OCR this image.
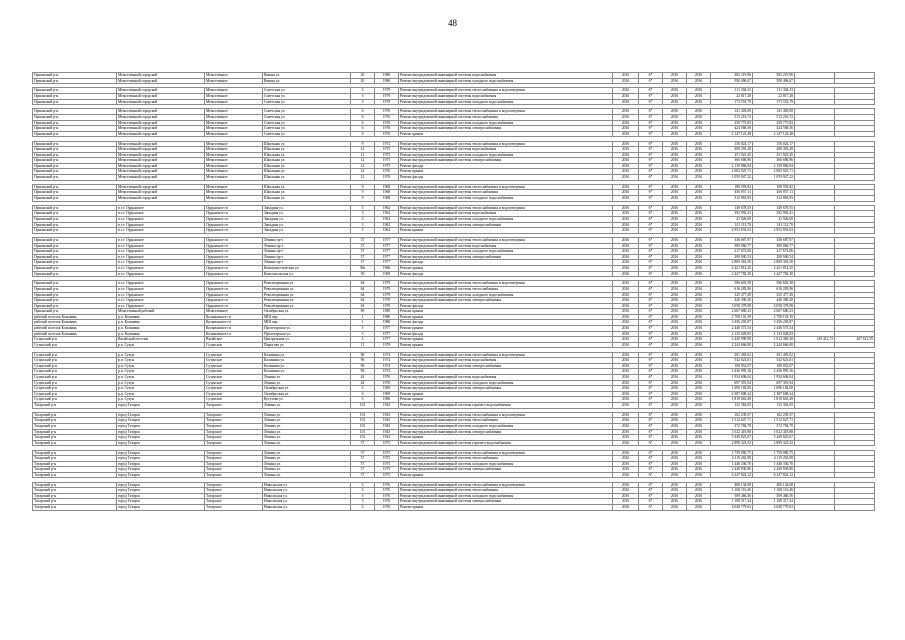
48
Оршанский р-н	Межселенный городской	Межселенное	Вишня ул.	20	1986	Ремонт внутридомовой инженерной системы водоснабжения	2016	6*	2016	2016	382 219,96	382 219,96		
Оршанский р-н	Межселенный городской	Межселенное	Вишня ул.	20	1986	Ремонт внутридомовой инженерной системы холодного водоснабжения	2016	6*	2016	2016	590 496,67	590 496,67		

Оршанский р-н	Межселенный городской	Межселенное	Советская ул.	3	1979	Ремонт внутридомовой инженерной системы теплоснабжения и водоотведения	2016	6*	2016	2016	111 304,33	111 304,33		
Оршанский р-н	Межселенный городской	Межселенное	Советская ул.	3	1979	Ремонт внутридомовой инженерной системы водоснабжения	2016	6*	2016	2016	22 817,28	22 817,28		
Оршанский р-н	Межселенный городской	Межселенное	Советская ул.	3	1979	Ремонт внутридомовой инженерной системы холодного водоснабжения	2016	6*	2016	2016	173 553,79	173 553,79		

Оршанский р-н	Межселенный городской	Межселенное	Советская ул.	6	1976	Ремонт внутридомовой инженерной системы теплоснабжения и водоотведения	2016	6*	2016	2016	141 403,08	141 403,08		
Оршанский р-н	Межселенный городской	Межселенное	Советская ул.	6	1976	Ремонт внутридомовой инженерной системы теплоснабжения	2016	6*	2016	2016	513 216,72	513 216,72		
Оршанский р-н	Межселенный городской	Межселенное	Советская ул.	6	1976	Ремонт внутридомовой инженерной системы холодного водоснабжения	2016	6*	2016	2016	250 775,83	250 775,83		
Оршанский р-н	Межселенный городской	Межселенное	Советская ул.	6	1976	Ремонт внутридомовой инженерной системы электроснабжения	2016	6*	2016	2016	424 568,36	424 568,36		
Оршанский р-н	Межселенный городской	Межселенное	Советская ул.	6	1976	Ремонт крыши	2016	6*	2016	2016	2 147 123,48	2 147 123,48		

Оршанский р-н	Межселенный городской	Межселенное	Школьная ул.	9	1972	Ремонт внутридомовой инженерной системы теплоснабжения и водоотведения	2016	6*	2016	2016	156 024,17	156 024,17		
Оршанский р-н	Межселенный городской	Межселенное	Школьная ул.	12	1975	Ремонт внутридомовой инженерной системы водоснабжения	2016	6*	2016	2016	408 393,28	408 393,28		
Оршанский р-н	Межселенный городской	Межселенное	Школьная ул.	12	1975	Ремонт внутридомовой инженерной системы холодного водоснабжения	2016	6*	2016	2016	251 923,45	251 923,45		
Оршанский р-н	Межселенный городской	Межселенное	Школьная ул.	12	1975	Ремонт внутридомовой инженерной системы электроснабжения	2016	6*	2016	2016	366 686,96	366 686,96		
Оршанский р-н	Межселенный городской	Межселенное	Школьная ул.	12	1975	Ремонт фасада	2016	6*	2016	2016	2 139 866,94	2 139 866,94		
Оршанский р-н	Межселенный городской	Межселенное	Школьная ул.	12	1976	Ремонт крыши	2016	6*	2016	2016	2 002 925,71	2 002 925,71		
Оршанский р-н	Межселенный городской	Межселенное	Школьная ул.	12	1976	Ремонт фасада	2016	6*	2016	2016	1 059 947,22	1 059 947,22		

Оршанский р-н	Межселенный городской	Межселенное	Школьная ул.	9	1968	Ремонт внутридомовой инженерной системы теплоснабжения и водоотведения	2016	6*	2016	2016	180 593,82	180 593,82		
Оршанский р-н	Межселенный городской	Межселенное	Школьная ул.	9	1968	Ремонт внутридомовой инженерной системы теплоснабжения	2016	6*	2016	2016	456 857,11	456 857,11		
Оршанский р-н	Межселенный городской	Межселенное	Школьная ул.	9	1968	Ремонт внутридомовой инженерной системы холодного водоснабжения	2016	6*	2016	2016	312 863,93	312 863,93		

Оршанский р-н	п.г.т. Ордынское	Ордынское гп	Западная ул.	3	1962	Ремонт внутридомовой инженерной системы теплоснабжения и водоотведения	2016	6*	2016	2016	149 678,55	149 678,55		
Оршанский р-н	п.г.т. Ордынское	Ордынское гп	Западная ул.	3	1962	Ремонт внутридомовой инженерной системы водоснабжения	2016	6*	2016	2016	392 992,41	392 992,41		
Оршанский р-н	п.г.т. Ордынское	Ордынское гп	Западная ул.	3	1962	Ремонт внутридомовой инженерной системы холодного водоснабжения	2016	6*	2016	2016	41 926,69	41 926,69		
Оршанский р-н	п.г.т. Ордынское	Ордынское гп	Западная ул.	3	1962	Ремонт внутридомовой инженерной системы электроснабжения	2016	6*	2016	2016	141 112,70	141 112,70		
Оршанский р-н	п.г.т. Ордынское	Ордынское гп	Западная ул.	3	1962	Ремонт крыши	2016	6*	2016	2016	2 952 833,63	2 952 833,63		

Оршанский р-н	п.г.т. Ордынское	Ордынское гп	Ленина пр-т	37	1977	Ремонт внутридомовой инженерной системы теплоснабжения и водоотведения	2016	6*	2016	2016	336 687,97	336 687,97		
Оршанский р-н	п.г.т. Ордынское	Ордынское гп	Ленина пр-т	37	1977	Ремонт внутридомовой инженерной системы водоснабжения	2016	6*	2016	2016	309 066,77	309 066,77		
Оршанский р-н	п.г.т. Ордынское	Ордынское гп	Ленина пр-т	37	1977	Ремонт внутридомовой инженерной системы холодного водоснабжения	2016	6*	2016	2016	217 672,06	217 672,06		
Оршанский р-н	п.г.т. Ордынское	Ордынское гп	Ленина пр-т	37	1977	Ремонт внутридомовой инженерной системы электроснабжения	2016	6*	2016	2016	290 940,54	290 940,54		
Оршанский р-н	п.г.т. Ордынское	Ордынское гп	Ленина пр-т	37	1977	Ремонт фасада	2016	6*	2016	2016	2 869 363,50	2 869 363,50		
Оршанский р-н	п.г.т. Ордынское	Ордынское гп	Коммунистическая ул.	39а	1966	Ремонт крыши	2016	6*	2016	2016	2 421 814,25	2 421 814,25		
Оршанский р-н	п.г.т. Ордынское	Ордынское гп	Комсомольская ул.	39	1969	Ремонт фасада	2016	6*	2016	2016	2 427 782,30	2 427 782,30		

Оршанский р-н	п.г.т. Ордынское	Ордынское гп	Революционная ул.	64	1979	Ремонт внутридомовой инженерной системы теплоснабжения и водоотведения	2016	6*	2016	2016	506 603,38	506 603,38		
Оршанский р-н	п.г.т. Ордынское	Ордынское гп	Революционная ул.	64	1979	Ремонт внутридомовой инженерной системы теплоснабжения	2016	6*	2016	2016	616 283,96	616 283,96		
Оршанский р-н	п.г.т. Ордынское	Ордынское гп	Революционная ул.	64	1979	Ремонт внутридомовой инженерной системы холодного водоснабжения	2016	6*	2016	2016	325 477,49	325 477,49		
Оршанский р-н	п.г.т. Ордынское	Ордынское гп	Революционная ул.	64	1979	Ремонт внутридомовой инженерной системы электроснабжения	2016	6*	2016	2016	426 390,20	426 390,20		
Оршанский р-н	п.г.т. Ордынское	Ордынское гп	Революционная ул.	64	1979	Ремонт фасада	2016	6*	2016	2016	3 058 378,98	3 058 378,98		
Оршанский р-н	Межселенный рабочий	Межселенное	Октябрьская ул.	69	1980	Ремонт крыши	2016	6*	2016	2016	2 667 680,23	2 667 680,23		
рабочий поселок Колывань	р.п. Колывань	Колыванское гп	МШ пер.	1	1986	Ремонт крыши	2016	6*	2016	2016	2 708 101,39	2 708 101,39		
рабочий поселок Колывань	р.п. Колывань	Колыванское гп	МШ пер.	1	1986	Ремонт фасада	2016	6*	2016	2016	3 456 203,87	3 456 203,87		
рабочий поселок Колывань	р.п. Колывань	Колыванское гп	Пролетарская ул.	5	1977	Ремонт крыши	2016	6*	2016	2016	2 446 573,54	2 446 573,54		
рабочий поселок Колывань	р.п. Колывань	Колыванское гп	Пролетарская ул.	5	1977	Ремонт фасада	2016	6*	2016	2016	2 133 028,83	2 133 028,83		
Сузунский р-н	Вагайский поселок	Вагайское	Центральная ул.	3	1977	Ремонт крыши	2016	6*	2016	2016	2 449 999,98	1 912 369,38	129 412,72	407 612,59
Сузунский р-н	р.п. Сузун	Сузунское	Пирогова ул.	11	1978	Ремонт крыши	2016	6*	2016	2016	2 244 666,00	2 244 666,00		

Сузунский р-н	р.п. Сузун	Сузунское	Калинина ул.	96	1974	Ремонт внутридомовой инженерной системы теплоснабжения и водоотведения	2016	6*	2016	2016	201 493,02	201 493,02		
Сузунский р-н	р.п. Сузун	Сузунское	Калинина ул.	96	1974	Ремонт внутридомовой инженерной системы водоснабжения	2016	6*	2016	2016	542 623,01	542 623,01		
Сузунский р-н	р.п. Сузун	Сузунское	Калинина ул.	96	1974	Ремонт внутридомовой инженерной системы электроснабжения	2016	6*	2016	2016	108 052,07	108 052,07		
Сузунский р-н	р.п. Сузун	Сузунское	Калинина ул.	96	1974	Ремонт крыши	2016	6*	2016	2016	2 436 995,16	2 436 995,16		
Сузунский р-н	р.п. Сузун	Сузунское	Ленина ул.	44	1976	Ремонт внутридомовой инженерной системы водоснабжения	2016	6*	2016	2016	1 934 606,04	1 934 606,04		
Сузунский р-н	р.п. Сузун	Сузунское	Ленина ул.	44	1976	Ремонт внутридомовой инженерной системы холодного водоснабжения	2016	6*	2016	2016	697 391,94	697 391,94		
Сузунский р-н	р.п. Сузун	Сузунское	Октябрьская ул.	6	1969	Ремонт внутридомовой инженерной системы электроснабжения	2016	6*	2016	2016	1 696 182,00	1 696 182,00		
Сузунский р-н	р.п. Сузун	Сузунское	Октябрьская ул.	6	1969	Ремонт крыши	2016	6*	2016	2016	2 387 608,24	2 387 608,24		
Сузунский р-н	р.п. Сузун	Сузунское	Кутузова ул.	3	1986	Ремонт крыши	2016	6*	2016	2016	1 819 663,49	1 819 663,49		
Татарский р-н	город Татарск	Татарское	Ленина ул.	101	1943	Ремонт внутридомовой инженерной системы горячего водоснабжения	2016	6*	2016	2016	132 363,65	132 363,65		

Татарский р-н	город Татарск	Татарское	Ленина ул.	101	1943	Ремонт внутридомовой инженерной системы теплоснабжения и водоотведения	2016	6*	2016	2016	162 239,37	162 239,37		
Татарский р-н	город Татарск	Татарское	Ленина ул.	101	1943	Ремонт внутридомовой инженерной системы теплоснабжения	2016	6*	2016	2016	1 512 647,71	1 512 647,71		
Татарский р-н	город Татарск	Татарское	Ленина ул.	101	1943	Ремонт внутридомовой инженерной системы холодного водоснабжения	2016	6*	2016	2016	372 784,70	372 784,70		
Татарский р-н	город Татарск	Татарское	Ленина ул.	101	1943	Ремонт внутридомовой инженерной системы электроснабжения	2016	6*	2016	2016	1 022 418,80	1 022 418,80		
Татарский р-н	город Татарск	Татарское	Ленина ул.	101	1943	Ремонт крыши	2016	6*	2016	2016	5 449 825,67	5 449 825,67		
Татарский р-н	город Татарск	Татарское	Ленина ул.	57	1975	Ремонт внутридомовой инженерной системы горячего водоснабжения	2016	6*	2016	2016	2 899 323,32	2 899 323,32		

Татарский р-н	город Татарск	Татарское	Ленина ул.	57	1975	Ремонт внутридомовой инженерной системы теплоснабжения и водоотведения	2016	6*	2016	2016	1 759 080,75	1 759 080,75		
Татарский р-н	город Татарск	Татарское	Ленина ул.	57	1975	Ремонт внутридомовой инженерной системы теплоснабжения	2016	6*	2016	2016	4 119 265,98	4 119 265,98		
Татарский р-н	город Татарск	Татарское	Ленина ул.	57	1975	Ремонт внутридомовой инженерной системы холодного водоснабжения	2016	6*	2016	2016	1 446 336,70	1 446 336,70		
Татарский р-н	город Татарск	Татарское	Ленина ул.	57	1975	Ремонт внутридомовой инженерной системы электроснабжения	2016	6*	2016	2016	2 449 930,80	2 449 930,80		
Татарский р-н	город Татарск	Татарское	Ленина ул.	57	1975	Ремонт крыши	2016	6*	2016	2016	6 247 822,12	6 247 822,12		

Татарский р-н	город Татарск	Татарское	Никольская ул.	3	1976	Ремонт внутридомовой инженерной системы теплоснабжения и водоотведения	2016	6*	2016	2016	406 134,68	406 134,68		
Татарский р-н	город Татарск	Татарское	Никольская ул.	3	1976	Ремонт внутридомовой инженерной системы теплоснабжения	2016	6*	2016	2016	1 168 116,46	1 168 116,46		
Татарский р-н	город Татарск	Татарское	Никольская ул.	3	1976	Ремонт внутридомовой инженерной системы холодного водоснабжения	2016	6*	2016	2016	509 466,56	509 466,56		
Татарский р-н	город Татарск	Татарское	Никольская ул.	3	1976	Ремонт внутридомовой инженерной системы электроснабжения	2016	6*	2016	2016	1 108 317,24	1 108 317,24		
Татарский р-н	город Татарск	Татарское	Никольская ул.	3	1976	Ремонт крыши	2016	6*	2016	2016	4 040 779,63	4 040 779,63		
